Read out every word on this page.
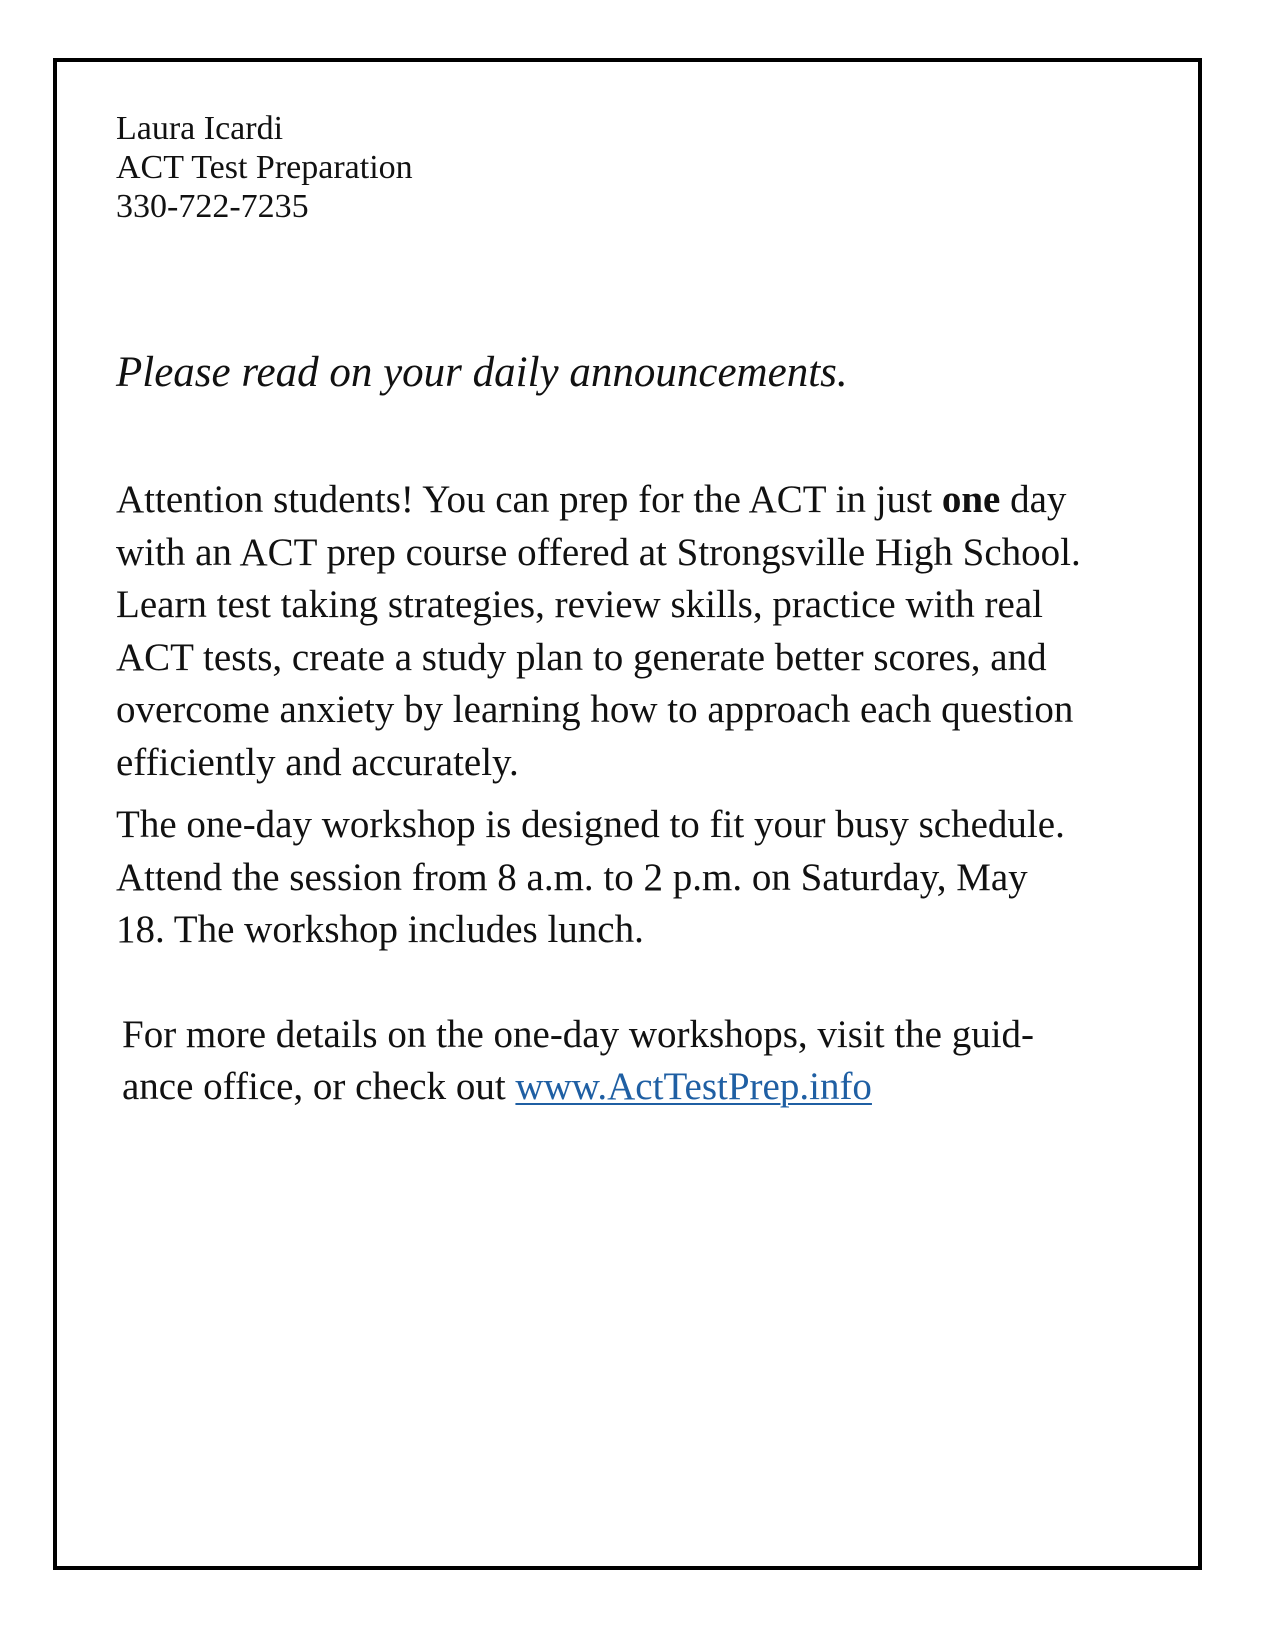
Laura Icardi
ACT Test Preparation
330-722-7235
Please read on your daily announcements.

Attention students! You can prep for the ACT in just one day
with an ACT prep course offered at Strongsville High School.
Learn test taking strategies, review skills, practice with real
ACT tests, create a study plan to generate better scores, and
overcome anxiety by learning how to approach each question
efficiently and accurately.

The one-day workshop is designed to fit your busy schedule.
Attend the session from 8 a.m. to 2 p.m. on Saturday, May
18. The workshop includes lunch.

For more details on the one-day workshops, visit the guid-
ance office, or check out www.ActTestPrep.info
